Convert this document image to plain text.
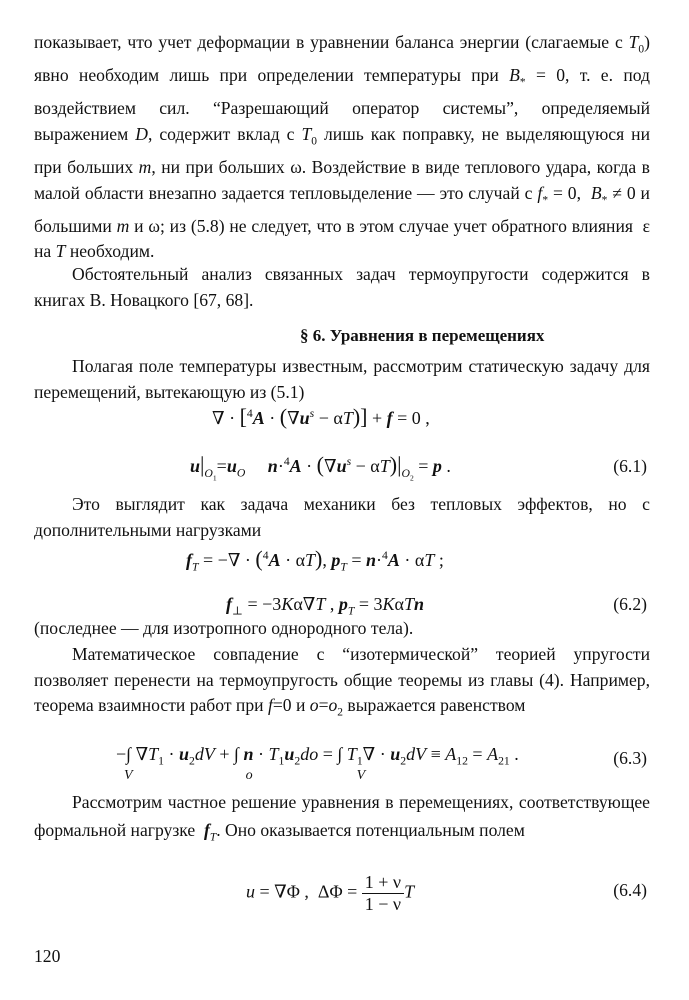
показывает, что учет деформации в уравнении баланса энергии (слагаемые с $T_0$) явно необходим лишь при определении температуры при $B_* = 0$, т. е. под воздействием сил. “Разрешающий оператор системы”, определяемый выражением D, содержит вклад с $T_0$ лишь как поправку, не выделяющуюся ни при больших m, ни при больших ω. Воздействие в виде теплового удара, когда в малой области внезапно задается тепловыделение — это случай с $f_* = 0$,  $B_* \ne 0$ и большими m и ω; из (5.8) не следует, что в этом случае учет обратного влияния  ε на T необходим.

Обстоятельный анализ связанных задач термоупругости содержится в книгах В. Новацкого [67, 68].

§ 6. Уравнения в перемещениях

Полагая поле температуры известным, рассмотрим статическую задачу для перемещений, вытекающую из (5.1)

∇ · $[^4A \cdot (\nabla u^s - \alpha T)] + f = 0$ ,
$u|_{O_1}=u_O$ $n\cdot^4A \cdot (\nabla u^s - \alpha T)|_{O_2} = p$ .	(6.1)

Это выглядит как задача механики без тепловых эффектов, но с дополнительными нагрузками

$f_T$ = −∇ · ($^4$A · αT), $p_T = n\cdot^4A \cdot \alpha T$ ;
$f_\perp = -3K\alpha\nabla T$ , $p_T = 3K\alpha Tn$	(6.2)

(последнее — для изотропного однородного тела).

Математическое совпадение с “изотермической” теорией упругости позволяет перенести на термоупругость общие теоремы из главы (4). Например, теорема взаимности работ при f=0 и $o=o_2$ выражается равенством

−∫ $\nabla T_1 \cdot u_2dV$ + ∫ $n \cdot T_1u_2do$ = ∫ $T_1\nabla \cdot u_2dV \equiv A_{12} = A_{21}$ .
V	o	V
(6.3)

Рассмотрим частное решение уравнения в перемещениях, соответствующее формальной нагрузке  $f_T$. Оно оказывается потенциальным полем

u = ∇Φ ,  $\Delta\Phi = \frac{1 + \nu}{1 - \nu}$ T	(6.4)
120
